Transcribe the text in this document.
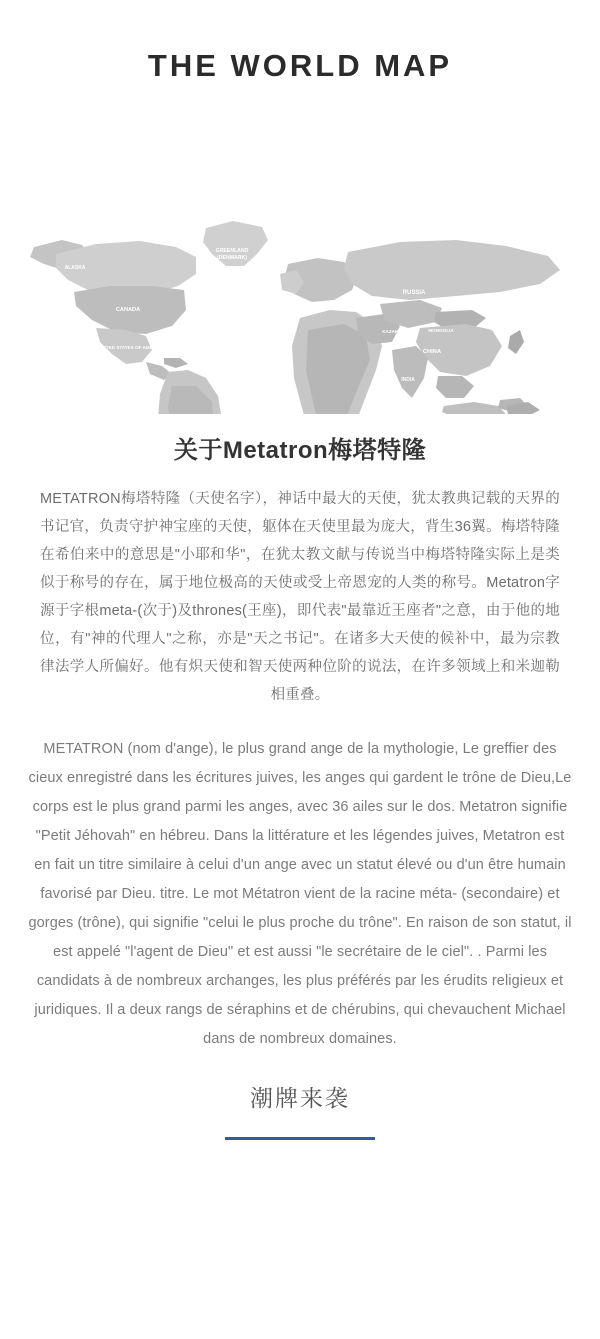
THE WORLD MAP
GREENLAND
(DENMARK)
ALASKA
CANADA
UNITED STATES OF AMERICA
MEXICO
RUSSIA
KAZAKHSTAN	MONGOLIA
CHINA
INDIA
关于Metatron梅塔特隆

METATRON梅塔特隆（天使名字），神话中最大的天使，犹太教典记载的天界的书记官，负责守护神宝座的天使，躯体在天使里最为庞大，背生36翼。梅塔特隆在希伯来中的意思是"小耶和华"，在犹太教文献与传说当中梅塔特隆实际上是类似于称号的存在，属于地位极高的天使或受上帝恩宠的人类的称号。Metatron字源于字根meta-(次于)及thrones(王座)，即代表"最靠近王座者"之意，由于他的地位，有"神的代理人"之称，亦是"天之书记"。在诸多大天使的候补中，最为宗教律法学人所偏好。他有炽天使和智天使两种位阶的说法，在许多领域上和米迦勒相重叠。

METATRON (nom d'ange), le plus grand ange de la mythologie, Le greffier des cieux enregistré dans les écritures juives, les anges qui gardent le trône de Dieu,Le corps est le plus grand parmi les anges, avec 36 ailes sur le dos. Metatron signifie "Petit Jéhovah" en hébreu. Dans la littérature et les légendes juives, Metatron est en fait un titre similaire à celui d'un ange avec un statut élevé ou d'un être humain favorisé par Dieu. titre. Le mot Métatron vient de la racine méta- (secondaire) et gorges (trône), qui signifie "celui le plus proche du trône". En raison de son statut, il est appelé "l'agent de Dieu" et est aussi "le secrétaire de le ciel". . Parmi les candidats à de nombreux archanges, les plus préférés par les érudits religieux et juridiques. Il a deux rangs de séraphins et de chérubins, qui chevauchent Michael dans de nombreux domaines.

潮牌来袭
